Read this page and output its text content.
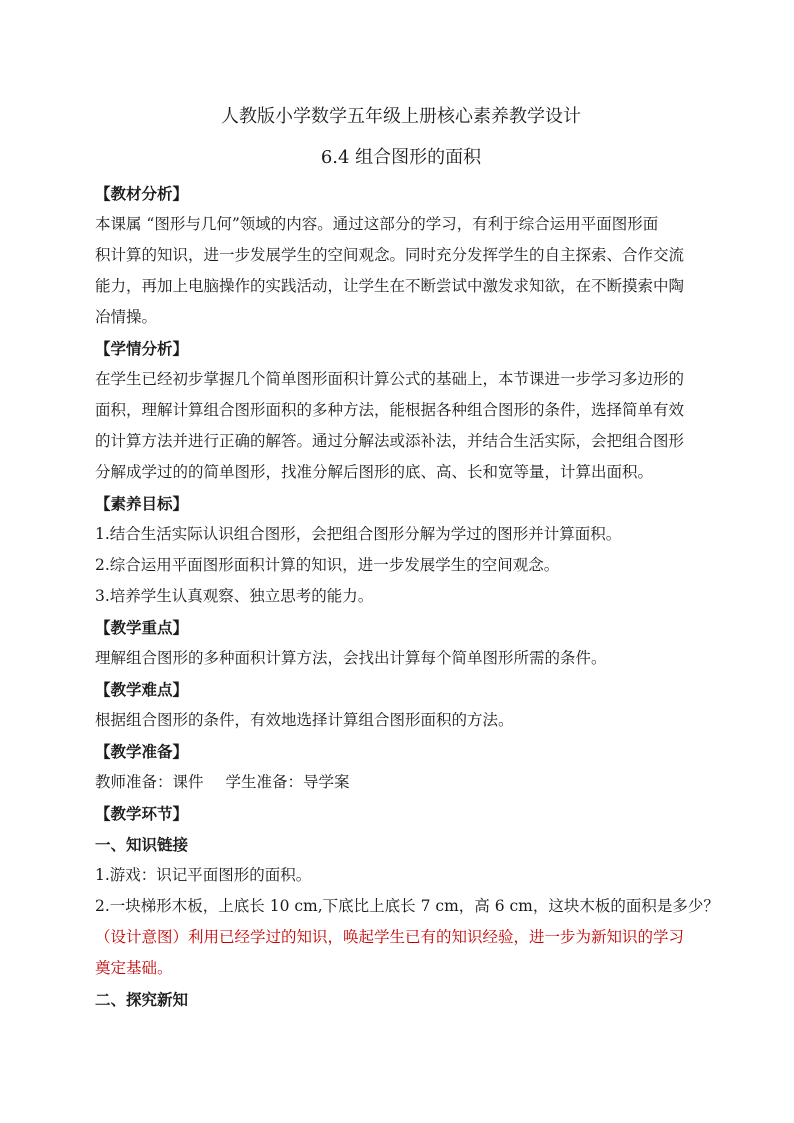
人教版小学数学五年级上册核心素养教学设计
6.4 组合图形的面积

【教材分析】

本课属 “图形与几何”领域的内容。通过这部分的学习，有利于综合运用平面图形面

积计算的知识，进一步发展学生的空间观念。同时充分发挥学生的自主探索、合作交流

能力，再加上电脑操作的实践活动，让学生在不断尝试中激发求知欲，在不断摸索中陶

冶情操。

【学情分析】

在学生已经初步掌握几个简单图形面积计算公式的基础上，本节课进一步学习多边形的

面积，理解计算组合图形面积的多种方法，能根据各种组合图形的条件，选择简单有效

的计算方法并进行正确的解答。通过分解法或添补法，并结合生活实际，会把组合图形

分解成学过的的简单图形，找准分解后图形的底、高、长和宽等量，计算出面积。

【素养目标】

1.结合生活实际认识组合图形，会把组合图形分解为学过的图形并计算面积。

2.综合运用平面图形面积计算的知识，进一步发展学生的空间观念。

3.培养学生认真观察、独立思考的能力。

【教学重点】

理解组合图形的多种面积计算方法，会找出计算每个简单图形所需的条件。

【教学难点】

根据组合图形的条件，有效地选择计算组合图形面积的方法。

【教学准备】

教师准备：课件 学生准备：导学案

【教学环节】

一、知识链接

1.游戏：识记平面图形的面积。

2.一块梯形木板，上底长 10 cm,下底比上底长 7 cm，高 6 cm，这块木板的面积是多少？

（设计意图）利用已经学过的知识，唤起学生已有的知识经验，进一步为新知识的学习

奠定基础。

二、探究新知
